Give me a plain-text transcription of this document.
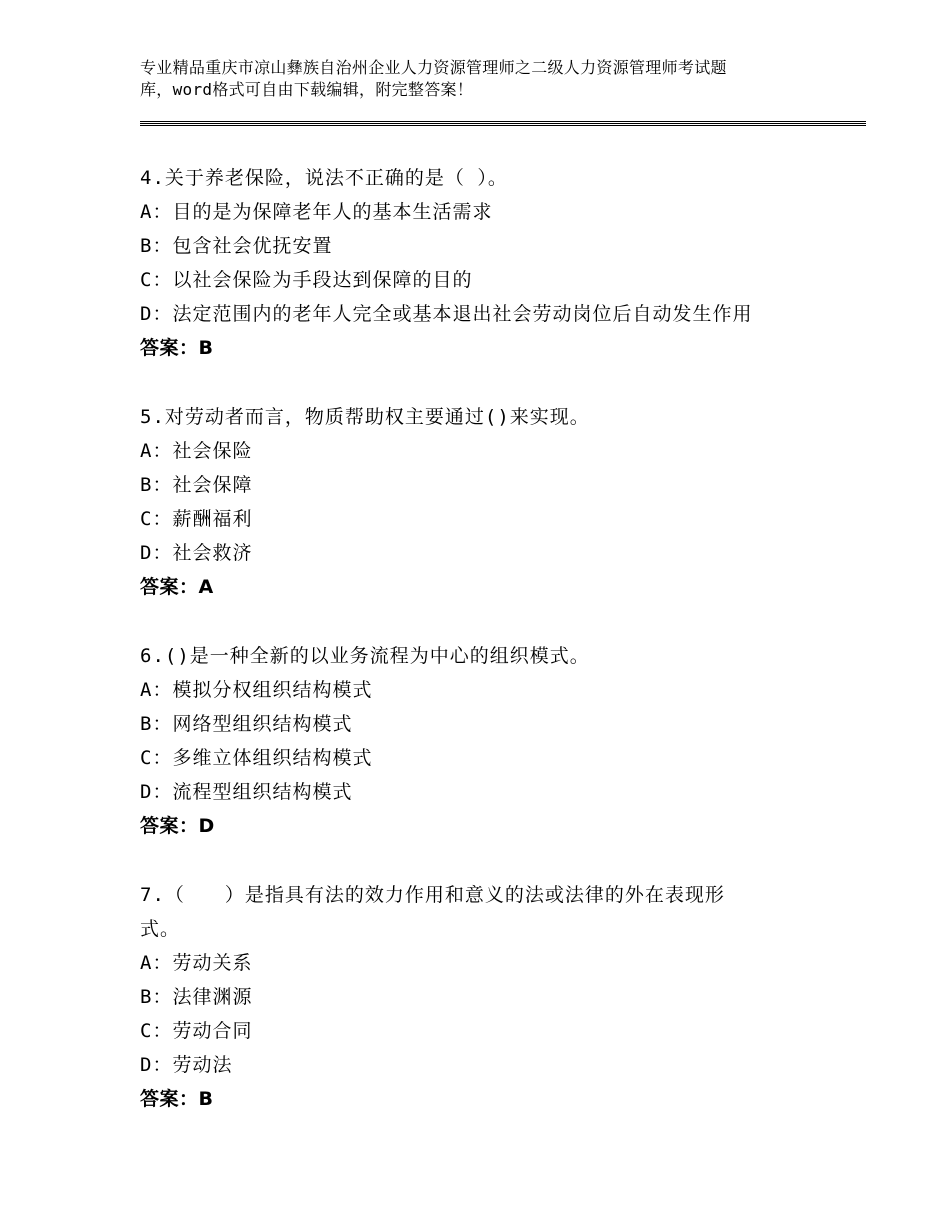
专业精品重庆市凉山彝族自治州企业人力资源管理师之二级人力资源管理师考试题
库，word格式可自由下载编辑，附完整答案！
4.关于养老保险，说法不正确的是（ ）。
A：目的是为保障老年人的基本生活需求
B：包含社会优抚安置
C：以社会保险为手段达到保障的目的
D：法定范围内的老年人完全或基本退出社会劳动岗位后自动发生作用
答案：B
5.对劳动者而言，物质帮助权主要通过()来实现。
A：社会保险
B：社会保障
C：薪酬福利
D：社会救济
答案：A
6.()是一种全新的以业务流程为中心的组织模式。
A：模拟分权组织结构模式
B：网络型组织结构模式
C：多维立体组织结构模式
D：流程型组织结构模式
答案：D
7.（　　）是指具有法的效力作用和意义的法或法律的外在表现形
式。
A：劳动关系
B：法律渊源
C：劳动合同
D：劳动法
答案：B
